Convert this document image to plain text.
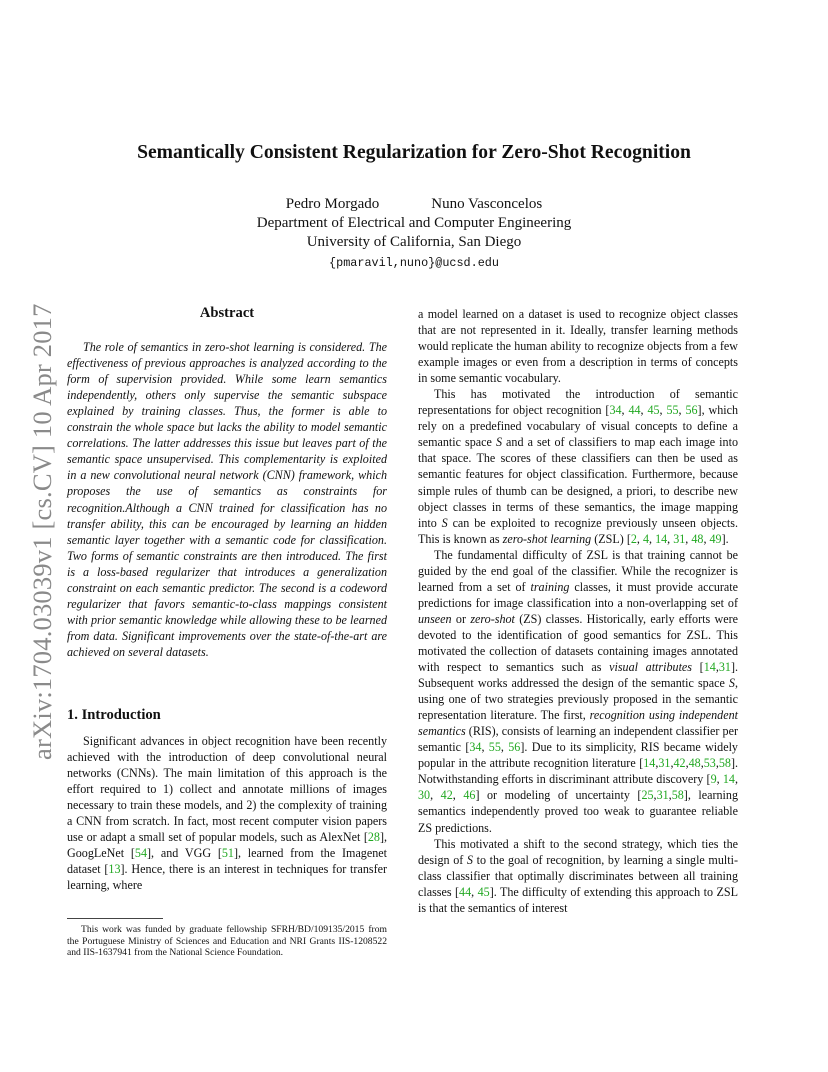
arXiv:1704.03039v1 [cs.CV] 10 Apr 2017
Semantically Consistent Regularization for Zero-Shot Recognition
Pedro Morgado	Nuno Vasconcelos
Department of Electrical and Computer Engineering
University of California, San Diego
{pmaravil,nuno}@ucsd.edu
Abstract

The role of semantics in zero-shot learning is considered. The effectiveness of previous approaches is analyzed according to the form of supervision provided. While some learn semantics independently, others only supervise the semantic subspace explained by training classes. Thus, the former is able to constrain the whole space but lacks the ability to model semantic correlations. The latter addresses this issue but leaves part of the semantic space unsupervised. This complementarity is exploited in a new convolutional neural network (CNN) framework, which proposes the use of semantics as constraints for recognition.Although a CNN trained for classification has no transfer ability, this can be encouraged by learning an hidden semantic layer together with a semantic code for classification. Two forms of semantic constraints are then introduced. The first is a loss-based regularizer that introduces a generalization constraint on each semantic predictor. The second is a codeword regularizer that favors semantic-to-class mappings consistent with prior semantic knowledge while allowing these to be learned from data. Significant improvements over the state-of-the-art are achieved on several datasets.

1. Introduction

Significant advances in object recognition have been recently achieved with the introduction of deep convolutional neural networks (CNNs). The main limitation of this approach is the effort required to 1) collect and annotate millions of images necessary to train these models, and 2) the complexity of training a CNN from scratch. In fact, most recent computer vision papers use or adapt a small set of popular models, such as AlexNet [28], GoogLeNet [54], and VGG [51], learned from the Imagenet dataset [13]. Hence, there is an interest in techniques for transfer learning, where

This work was funded by graduate fellowship SFRH/BD/109135/2015 from the Portuguese Ministry of Sciences and Education and NRI Grants IIS-1208522 and IIS-1637941 from the National Science Foundation.

a model learned on a dataset is used to recognize object classes that are not represented in it. Ideally, transfer learning methods would replicate the human ability to recognize objects from a few example images or even from a description in terms of concepts in some semantic vocabulary.

This has motivated the introduction of semantic representations for object recognition [34, 44, 45, 55, 56], which rely on a predefined vocabulary of visual concepts to define a semantic space S and a set of classifiers to map each image into that space. The scores of these classifiers can then be used as semantic features for object classification. Furthermore, because simple rules of thumb can be designed, a priori, to describe new object classes in terms of these semantics, the image mapping into S can be exploited to recognize previously unseen objects. This is known as zero-shot learning (ZSL) [2, 4, 14, 31, 48, 49].

The fundamental difficulty of ZSL is that training cannot be guided by the end goal of the classifier. While the recognizer is learned from a set of training classes, it must provide accurate predictions for image classification into a non-overlapping set of unseen or zero-shot (ZS) classes. Historically, early efforts were devoted to the identification of good semantics for ZSL. This motivated the collection of datasets containing images annotated with respect to semantics such as visual attributes [14,31]. Subsequent works addressed the design of the semantic space S, using one of two strategies previously proposed in the semantic representation literature. The first, recognition using independent semantics (RIS), consists of learning an independent classifier per semantic [34, 55, 56]. Due to its simplicity, RIS became widely popular in the attribute recognition literature [14,31,42,48,53,58]. Notwithstanding efforts in discriminant attribute discovery [9, 14, 30, 42, 46] or modeling of uncertainty [25,31,58], learning semantics independently proved too weak to guarantee reliable ZS predictions.

This motivated a shift to the second strategy, which ties the design of S to the goal of recognition, by learning a single multi-class classifier that optimally discriminates between all training classes [44, 45]. The difficulty of extending this approach to ZSL is that the semantics of interest
